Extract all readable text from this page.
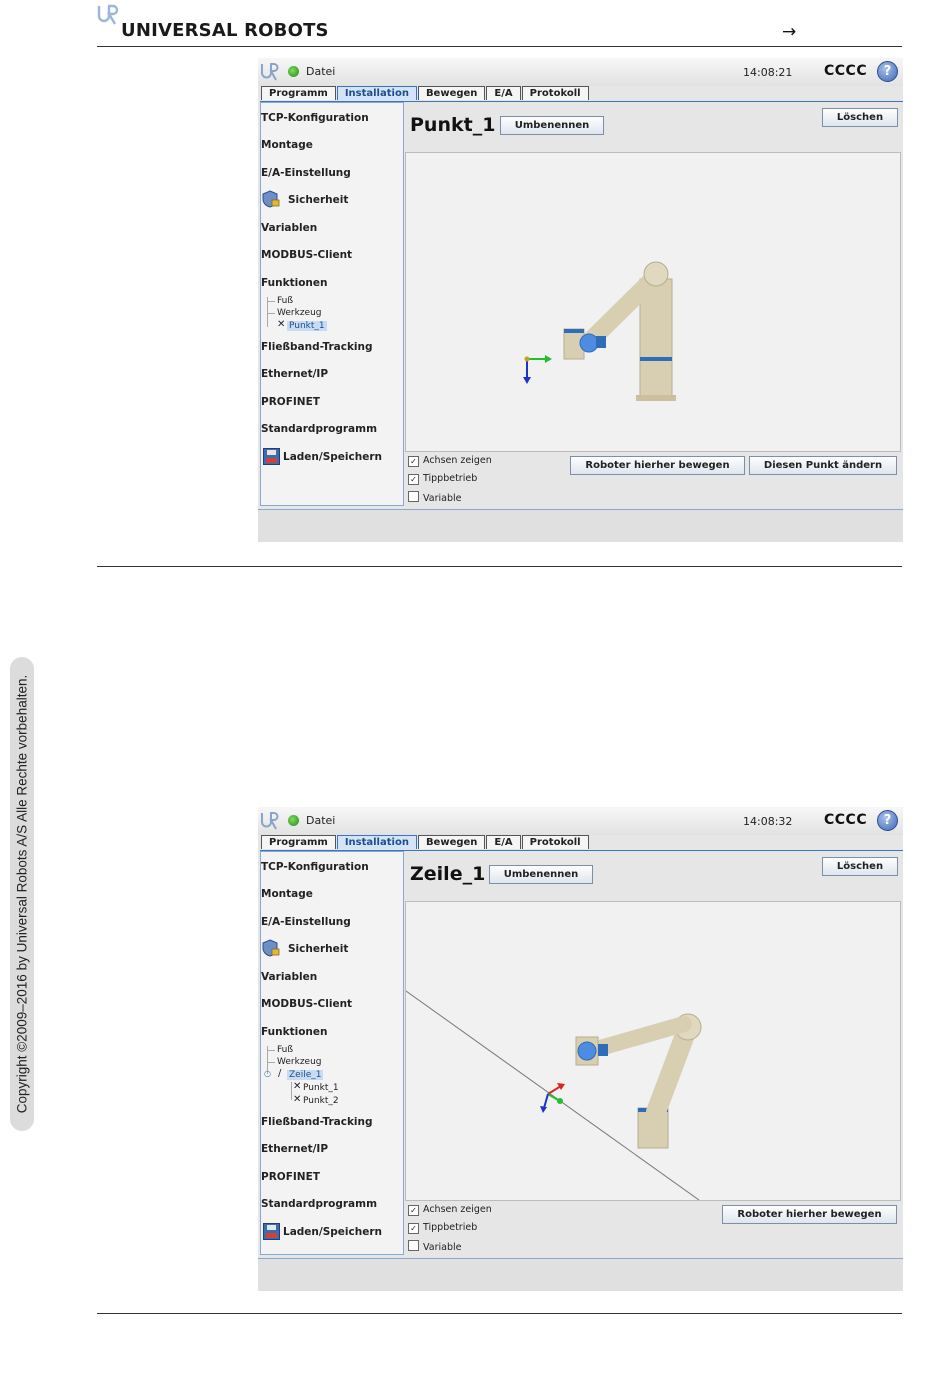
UNIVERSAL ROBOTS	→
Datei	14:08:21 CCCC	?
Programm	Installation	Bewegen	E/A	Protokoll
TCP-Konfiguration
Montage
E/A-Einstellung
Sicherheit
Variablen
MODBUS-Client
Funktionen
Fuß
Werkzeug
✕ Punkt_1
Fließband-Tracking
Ethernet/IP
PROFINET
Standardprogramm
Laden/Speichern
Punkt_1	Umbenennen
Löschen
✓ Achsen zeigen
✓ Tippbetrieb
Variable
Roboter hierher bewegen	Diesen Punkt ändern
Copyright ©2009–2016 by Universal Robots A/S Alle Rechte vorbehalten.	Datei	14:08:32 CCCC	?
Programm	Installation	Bewegen	E/A	Protokoll
TCP-Konfiguration
Montage
E/A-Einstellung
Sicherheit
Variablen
MODBUS-Client
Funktionen
Fuß
Werkzeug
○ / Zeile_1
✕ Punkt_1
✕ Punkt_2
Fließband-Tracking
Ethernet/IP
PROFINET
Standardprogramm
Laden/Speichern
Zeile_1	Umbenennen
Löschen
✓ Achsen zeigen
✓ Tippbetrieb
Variable
Roboter hierher bewegen
